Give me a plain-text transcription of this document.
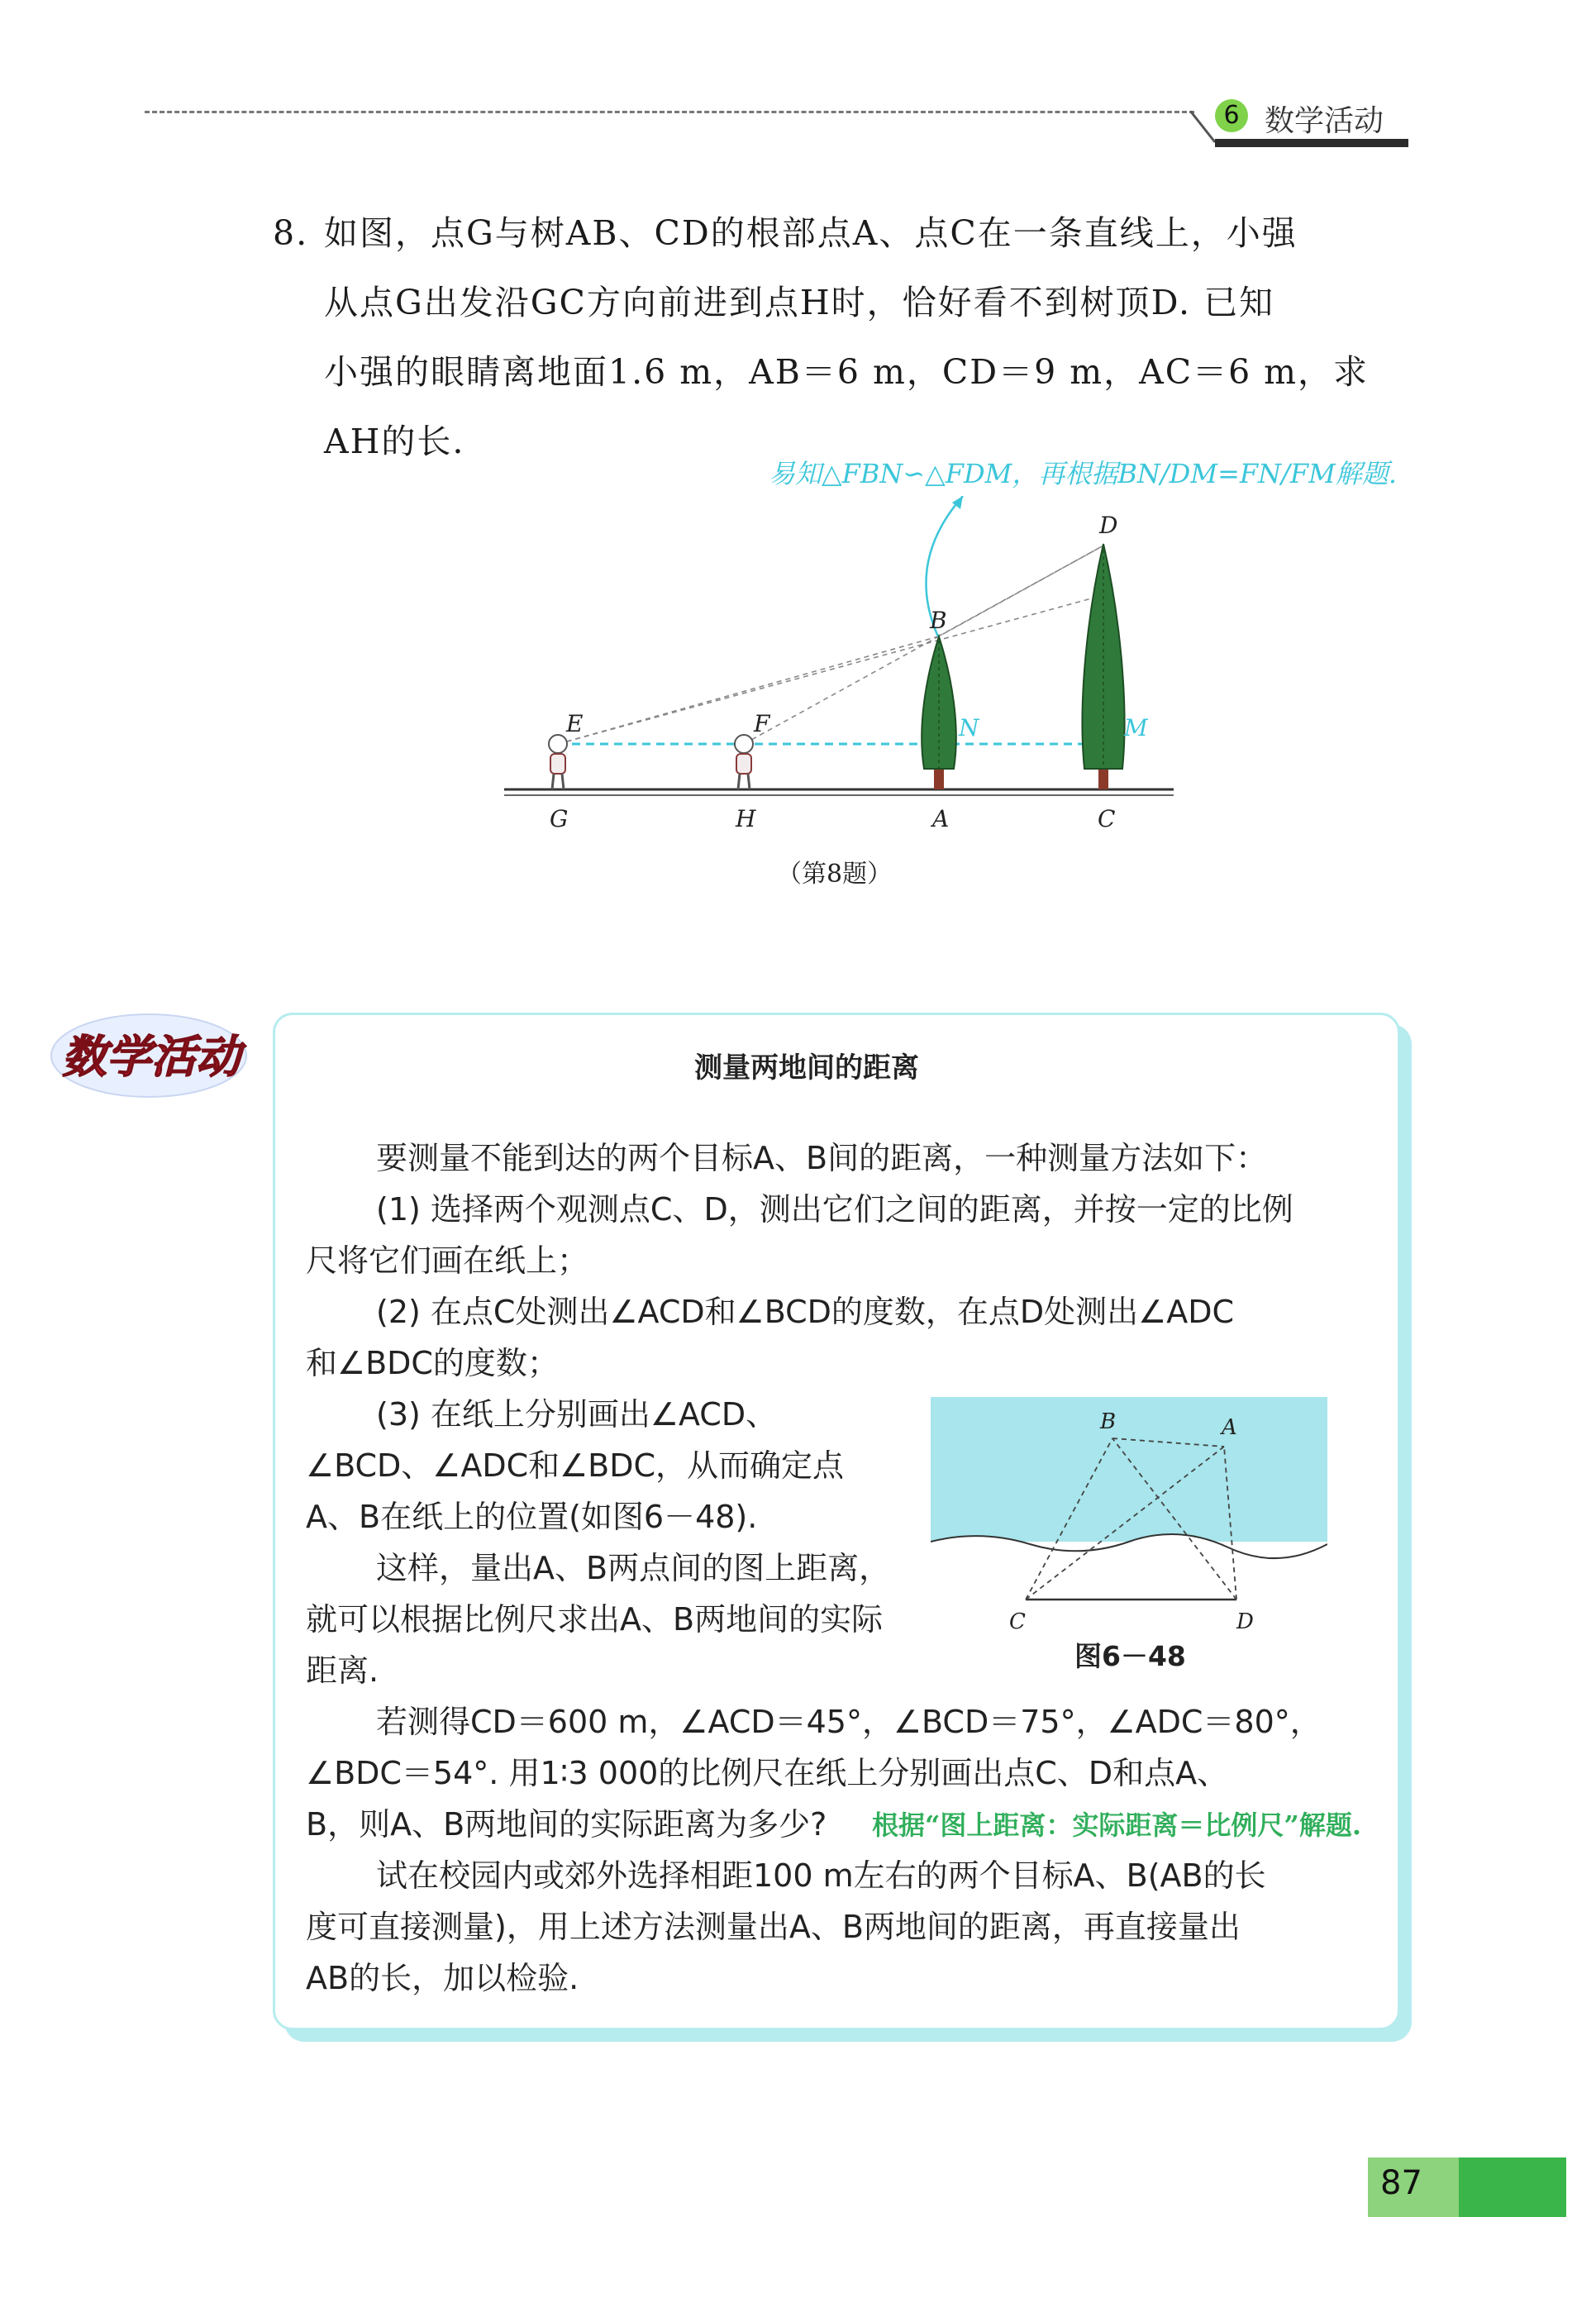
6 数学活动
8. 如图，点G与树AB、CD的根部点A、点C在一条直线上，小强
从点G出发沿GC方向前进到点H时，恰好看不到树顶D. 已知
小强的眼睛离地面1.6 m，AB＝6 m，CD＝9 m，AC＝6 m，求
AH的长.
易知△FBN∽△FDM，再根据BN/DM=FN/FM解题.
D
B
E	F	N	M
G	H	A	C
（第8题）
数学活动	测量两地间的距离
要测量不能到达的两个目标A、B间的距离，一种测量方法如下：
(1) 选择两个观测点C、D，测出它们之间的距离，并按一定的比例
尺将它们画在纸上；
(2) 在点C处测出∠ACD和∠BCD的度数，在点D处测出∠ADC
和∠BDC的度数；
(3) 在纸上分别画出∠ACD、
∠BCD、∠ADC和∠BDC，从而确定点
A、B在纸上的位置(如图6－48).
这样，量出A、B两点间的图上距离，
就可以根据比例尺求出A、B两地间的实际
距离.
若测得CD＝600 m，∠ACD＝45°，∠BCD＝75°，∠ADC＝80°，
∠BDC＝54°. 用1∶3 000的比例尺在纸上分别画出点C、D和点A、
B，则A、B两地间的实际距离为多少?
试在校园内或郊外选择相距100 m左右的两个目标A、B(AB的长
度可直接测量)，用上述方法测量出A、B两地间的距离，再直接量出
AB的长，加以检验.
B	A
C	D
图6－48
根据“图上距离：实际距离＝比例尺”解题.
87
